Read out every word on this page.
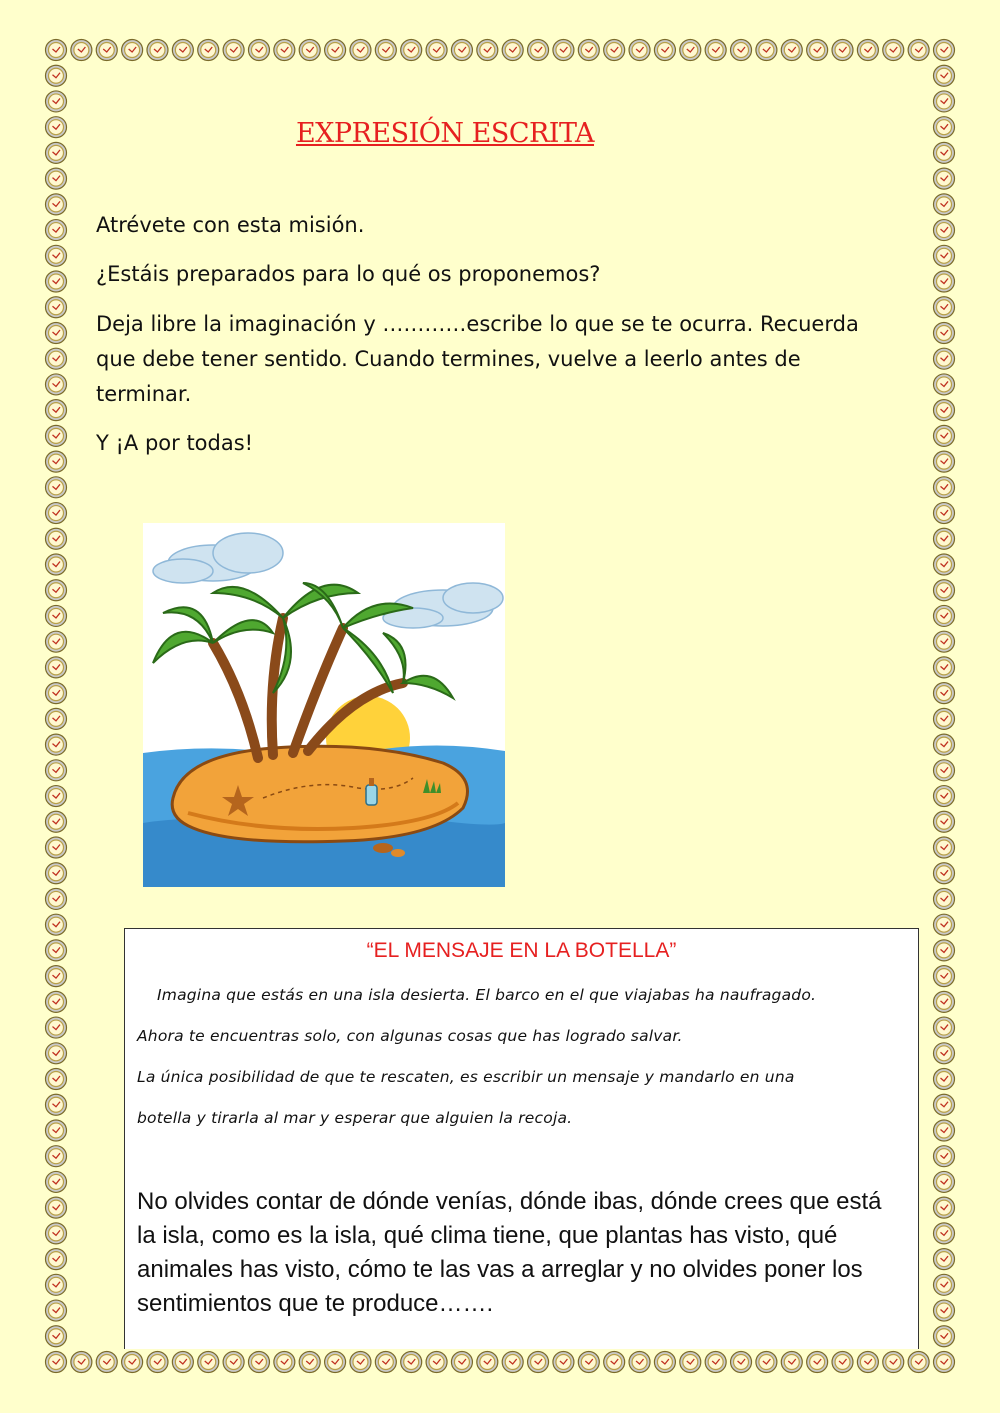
EXPRESIÓN ESCRITA

Atrévete con esta misión.

¿Estáis preparados para lo qué os proponemos?

Deja libre la imaginación y …………escribe lo que se te ocurra. Recuerda que debe tener sentido. Cuando termines, vuelve a leerlo antes de terminar.

Y ¡A por todas!

“EL MENSAJE EN LA BOTELLA”
Imagina que estás en una isla desierta. El barco en el que viajabas ha naufragado.
Ahora te encuentras solo, con algunas cosas que has logrado salvar.
La única posibilidad de que te rescaten, es escribir un mensaje y mandarlo en una
botella y tirarla al mar y esperar que alguien la recoja.
No olvides contar de dónde venías, dónde ibas, dónde crees que está la isla, como es la isla, qué clima tiene, que plantas has visto, qué animales has visto, cómo te las vas a arreglar y no olvides poner los sentimientos que te produce…….
